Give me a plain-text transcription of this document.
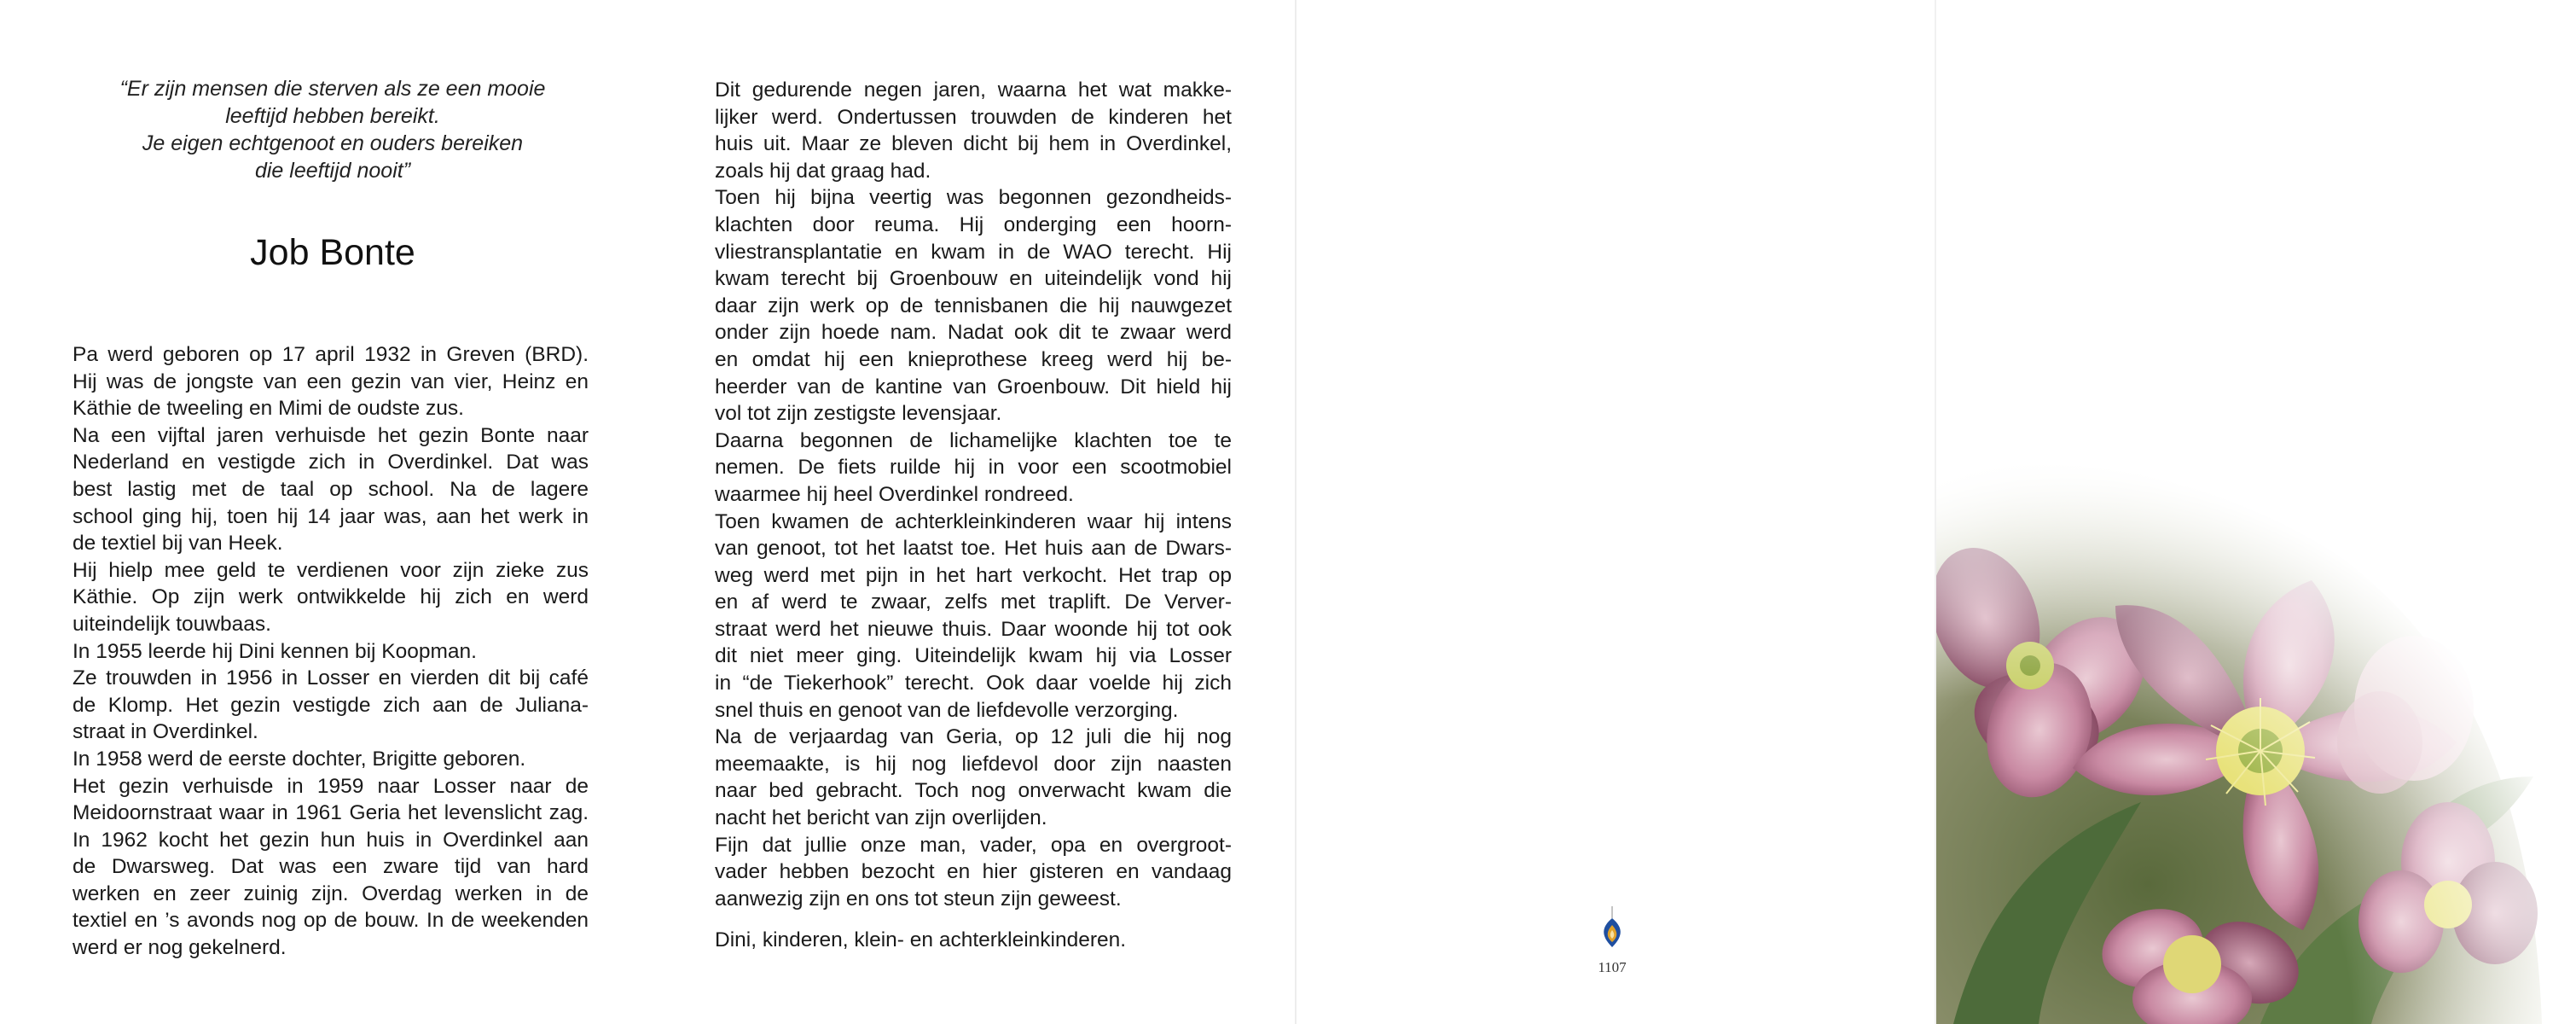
“Er zijn mensen die sterven als ze een mooie
leeftijd hebben bereikt.
Je eigen echtgenoot en ouders bereiken
die leeftijd nooit”
Job Bonte
Pa werd geboren op 17 april 1932 in Greven (BRD).
Hij was de jongste van een gezin van vier, Heinz en
Käthie de tweeling en Mimi de oudste zus.
Na een vijftal jaren verhuisde het gezin Bonte naar
Nederland en vestigde zich in Overdinkel. Dat was
best lastig met de taal op school. Na de lagere
school ging hij, toen hij 14 jaar was, aan het werk in
de textiel bij van Heek.
Hij hielp mee geld te verdienen voor zijn zieke zus
Käthie. Op zijn werk ontwikkelde hij zich en werd
uiteindelijk touwbaas.
In 1955 leerde hij Dini kennen bij Koopman.
Ze trouwden in 1956 in Losser en vierden dit bij café
de Klomp. Het gezin vestigde zich aan de Juliana-
straat in Overdinkel.
In 1958 werd de eerste dochter, Brigitte geboren.
Het gezin verhuisde in 1959 naar Losser naar de
Meidoornstraat waar in 1961 Geria het levenslicht zag.
In 1962 kocht het gezin hun huis in Overdinkel aan
de Dwarsweg. Dat was een zware tijd van hard
werken en zeer zuinig zijn. Overdag werken in de
textiel en ’s avonds nog op de bouw. In de weekenden
werd er nog gekelnerd.
Dit gedurende negen jaren, waarna het wat makke-
lijker werd. Ondertussen trouwden de kinderen het
huis uit. Maar ze bleven dicht bij hem in Overdinkel,
zoals hij dat graag had.
Toen hij bijna veertig was begonnen gezondheids-
klachten door reuma. Hij onderging een hoorn-
vliestransplantatie en kwam in de WAO terecht. Hij
kwam terecht bij Groenbouw en uiteindelijk vond hij
daar zijn werk op de tennisbanen die hij nauwgezet
onder zijn hoede nam. Nadat ook dit te zwaar werd
en omdat hij een knieprothese kreeg werd hij be-
heerder van de kantine van Groenbouw. Dit hield hij
vol tot zijn zestigste levensjaar.
Daarna begonnen de lichamelijke klachten toe te
nemen. De fiets ruilde hij in voor een scootmobiel
waarmee hij heel Overdinkel rondreed.
Toen kwamen de achterkleinkinderen waar hij intens
van genoot, tot het laatst toe. Het huis aan de Dwars-
weg werd met pijn in het hart verkocht. Het trap op
en af werd te zwaar, zelfs met traplift. De Verver-
straat werd het nieuwe thuis. Daar woonde hij tot ook
dit niet meer ging. Uiteindelijk kwam hij via Losser
in “de Tiekerhook” terecht. Ook daar voelde hij zich
snel thuis en genoot van de liefdevolle verzorging.
Na de verjaardag van Geria, op 12 juli die hij nog
meemaakte, is hij nog liefdevol door zijn naasten
naar bed gebracht. Toch nog onverwacht kwam die
nacht het bericht van zijn overlijden.
Fijn dat jullie onze man, vader, opa en overgroot-
vader hebben bezocht en hier gisteren en vandaag
aanwezig zijn en ons tot steun zijn geweest.
Dini, kinderen, klein- en achterkleinkinderen.
1107
